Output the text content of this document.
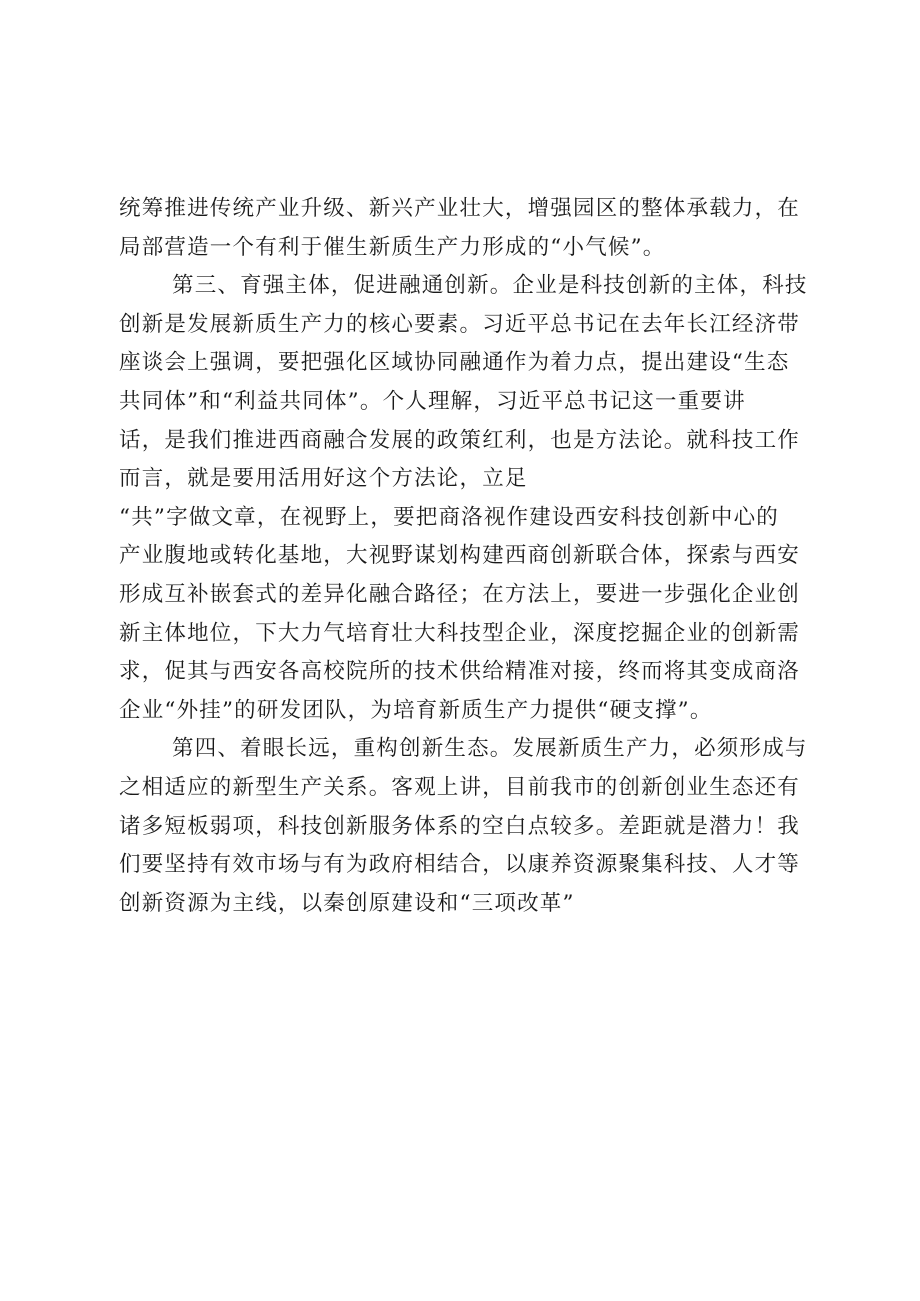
统筹推进传统产业升级、新兴产业壮大，增强园区的整体承载力，在
局部营造一个有利于催生新质生产力形成的“小气候”。
第三、育强主体，促进融通创新。企业是科技创新的主体，科技
创新是发展新质生产力的核心要素。习近平总书记在去年长江经济带
座谈会上强调，要把强化区域协同融通作为着力点，提出建设“生态
共同体”和“利益共同体”。个人理解，习近平总书记这一重要讲
话，是我们推进西商融合发展的政策红利，也是方法论。就科技工作
而言，就是要用活用好这个方法论，立足
“共”字做文章，在视野上，要把商洛视作建设西安科技创新中心的
产业腹地或转化基地，大视野谋划构建西商创新联合体，探索与西安
形成互补嵌套式的差异化融合路径；在方法上，要进一步强化企业创
新主体地位，下大力气培育壮大科技型企业，深度挖掘企业的创新需
求，促其与西安各高校院所的技术供给精准对接，终而将其变成商洛
企业“外挂”的研发团队，为培育新质生产力提供“硬支撑”。
第四、着眼长远，重构创新生态。发展新质生产力，必须形成与
之相适应的新型生产关系。客观上讲，目前我市的创新创业生态还有
诸多短板弱项，科技创新服务体系的空白点较多。差距就是潜力！我
们要坚持有效市场与有为政府相结合，以康养资源聚集科技、人才等
创新资源为主线，以秦创原建设和“三项改革”
